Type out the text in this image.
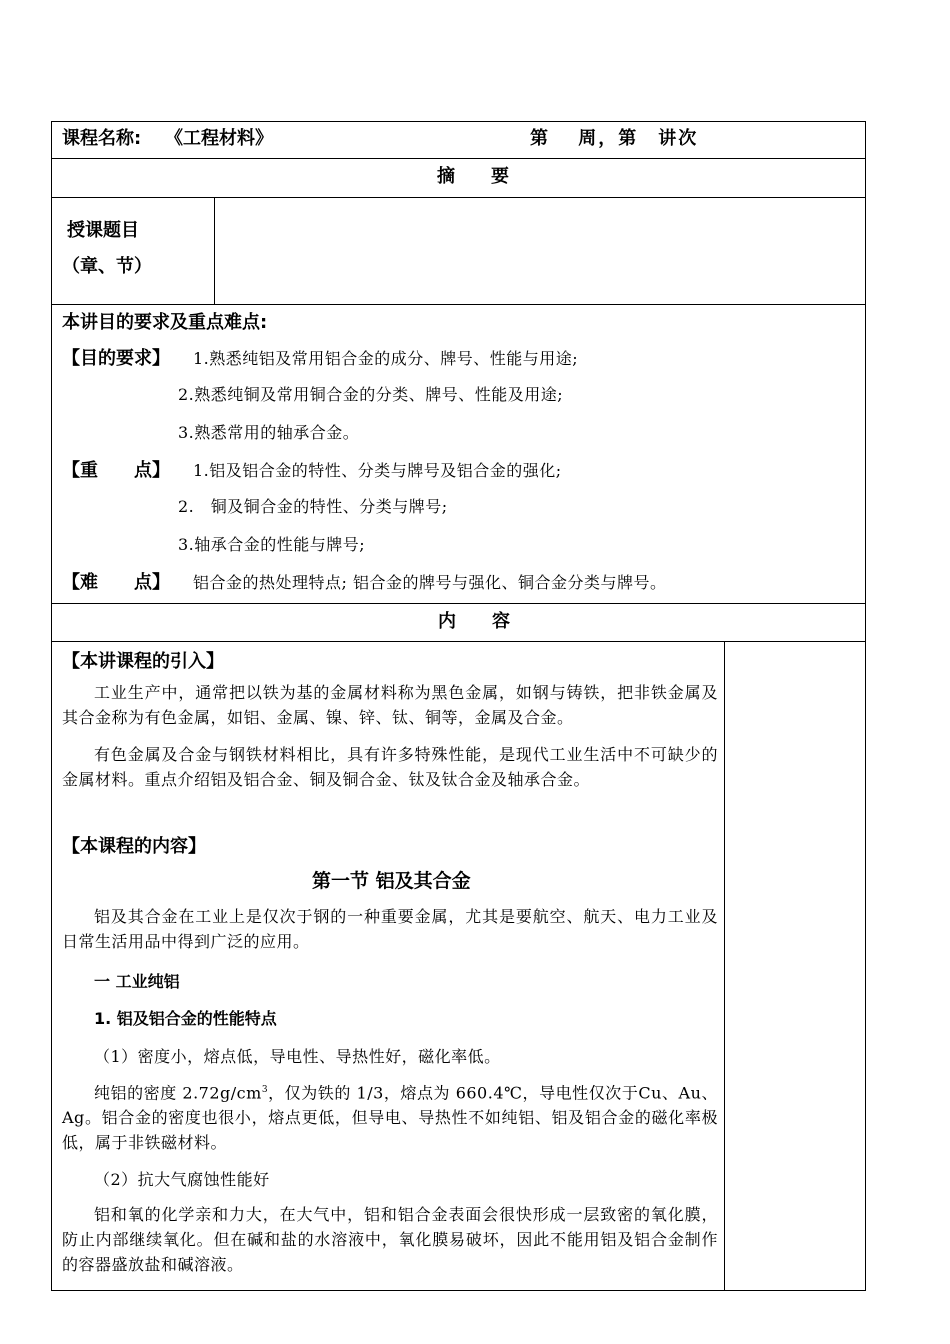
课程名称: 《工程材料》	第　 周，第　讲次
摘　　要
授课题目
（章、节）
本讲目的要求及重点难点:
【目的要求】 1.熟悉纯铝及常用铝合金的成分、牌号、性能与用途;
2.熟悉纯铜及常用铜合金的分类、牌号、性能及用途;
3.熟悉常用的轴承合金。
【重　　点】 1.铝及铝合金的特性、分类与牌号及铝合金的强化;
2.　铜及铜合金的特性、分类与牌号;
3.轴承合金的性能与牌号;
【难　　点】 铝合金的热处理特点; 铝合金的牌号与强化、铜合金分类与牌号。
内　　容
【本讲课程的引入】
工业生产中，通常把以铁为基的金属材料称为黑色金属，如钢与铸铁，把非铁金属及其合金称为有色金属，如铝、金属、镍、锌、钛、铜等，金属及合金。
有色金属及合金与钢铁材料相比，具有许多特殊性能，是现代工业生活中不可缺少的金属材料。重点介绍铝及铝合金、铜及铜合金、钛及钛合金及轴承合金。
【本课程的内容】
第一节 铝及其合金
铝及其合金在工业上是仅次于钢的一种重要金属，尤其是要航空、航天、电力工业及日常生活用品中得到广泛的应用。
一 工业纯铝
1. 铝及铝合金的性能特点
（1）密度小，熔点低，导电性、导热性好，磁化率低。
纯铝的密度 $2.72g/cm^3$，仅为铁的 1/3，熔点为 660.4℃，导电性仅次于Cu、Au、Ag。铝合金的密度也很小，熔点更低，但导电、导热性不如纯铝、铝及铝合金的磁化率极低，属于非铁磁材料。
（2）抗大气腐蚀性能好
铝和氧的化学亲和力大，在大气中，铝和铝合金表面会很快形成一层致密的氧化膜，防止内部继续氧化。但在碱和盐的水溶液中，氧化膜易破坏，因此不能用铝及铝合金制作的容器盛放盐和碱溶液。
